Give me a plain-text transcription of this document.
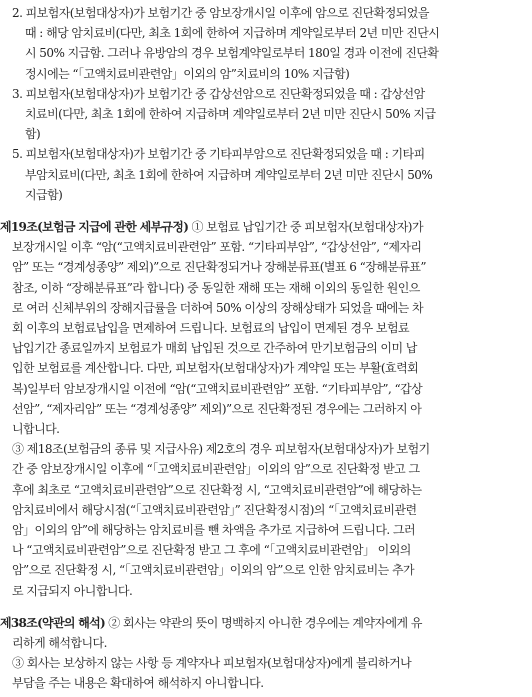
2. 피보험자(보험대상자)가 보험기간 중 암보장개시일 이후에 암으로 진단확정되었을
때 : 해당 암치료비(다만, 최초 1회에 한하여 지급하며 계약일로부터 2년 미만 진단시
시 50% 지급함. 그러나 유방암의 경우 보험계약일로부터 180일 경과 이전에 진단확
정시에는 “「고액치료비관련암」이외의 암”치료비의 10% 지급함)
3. 피보험자(보험대상자)가 보험기간 중 갑상선암으로 진단확정되었을 때 : 갑상선암
치료비(다만, 최초 1회에 한하여 지급하며 계약일로부터 2년 미만 진단시 50% 지급
함)
5. 피보험자(보험대상자)가 보험기간 중 기타피부암으로 진단확정되었을 때 : 기타피
부암치료비(다만, 최초 1회에 한하여 지급하며 계약일로부터 2년 미만 진단시 50%
지급함)
제19조(보험금 지급에 관한 세부규정) ① 보험료 납입기간 중 피보험자(보험대상자)가
보장개시일 이후 “암(“고액치료비관련암” 포함. “기타피부암”, “갑상선암”, “제자리
암” 또는 “경계성종양” 제외)”으로 진단확정되거나 장해분류표(별표 6 “장해분류표”
참조, 이하 “장해분류표”라 합니다) 중 동일한 재해 또는 재해 이외의 동일한 원인으
로 여러 신체부위의 장해지급률을 더하여 50% 이상의 장해상태가 되었을 때에는 차
회 이후의 보험료납입을 면제하여 드립니다. 보험료의 납입이 면제된 경우 보험료
납입기간 종료일까지 보험료가 매회 납입된 것으로 간주하여 만기보험금의 이미 납
입한 보험료를 계산합니다. 다만, 피보험자(보험대상자)가 계약일 또는 부활(효력회
복)일부터 암보장개시일 이전에 “암(“고액치료비관련암” 포함. “기타피부암”, “갑상
선암”, “제자리암” 또는 “경계성종양” 제외)”으로 진단확정된 경우에는 그러하지 아
니합니다.
③ 제18조(보험금의 종류 및 지급사유) 제2호의 경우 피보험자(보험대상자)가 보험기
간 중 암보장개시일 이후에 “「고액치료비관련암」이외의 암”으로 진단확정 받고 그
후에 최초로 “고액치료비관련암”으로 진단확정 시, “고액치료비관련암”에 해당하는
암치료비에서 해당시점(“「고액치료비관련암」” 진단확정시점)의 “「고액치료비관련
암」이외의 암”에 해당하는 암치료비를 뺀 차액을 추가로 지급하여 드립니다. 그러
나 “고액치료비관련암”으로 진단확정 받고 그 후에 “「고액치료비관련암」 이외의
암”으로 진단확정 시, “「고액치료비관련암」이외의 암”으로 인한 암치료비는 추가
로 지급되지 아니합니다.
제38조(약관의 해석) ② 회사는 약관의 뜻이 명백하지 아니한 경우에는 계약자에게 유
리하게 해석합니다.
③ 회사는 보상하지 않는 사항 등 계약자나 피보험자(보험대상자)에게 불리하거나
부담을 주는 내용은 확대하여 해석하지 아니합니다.
